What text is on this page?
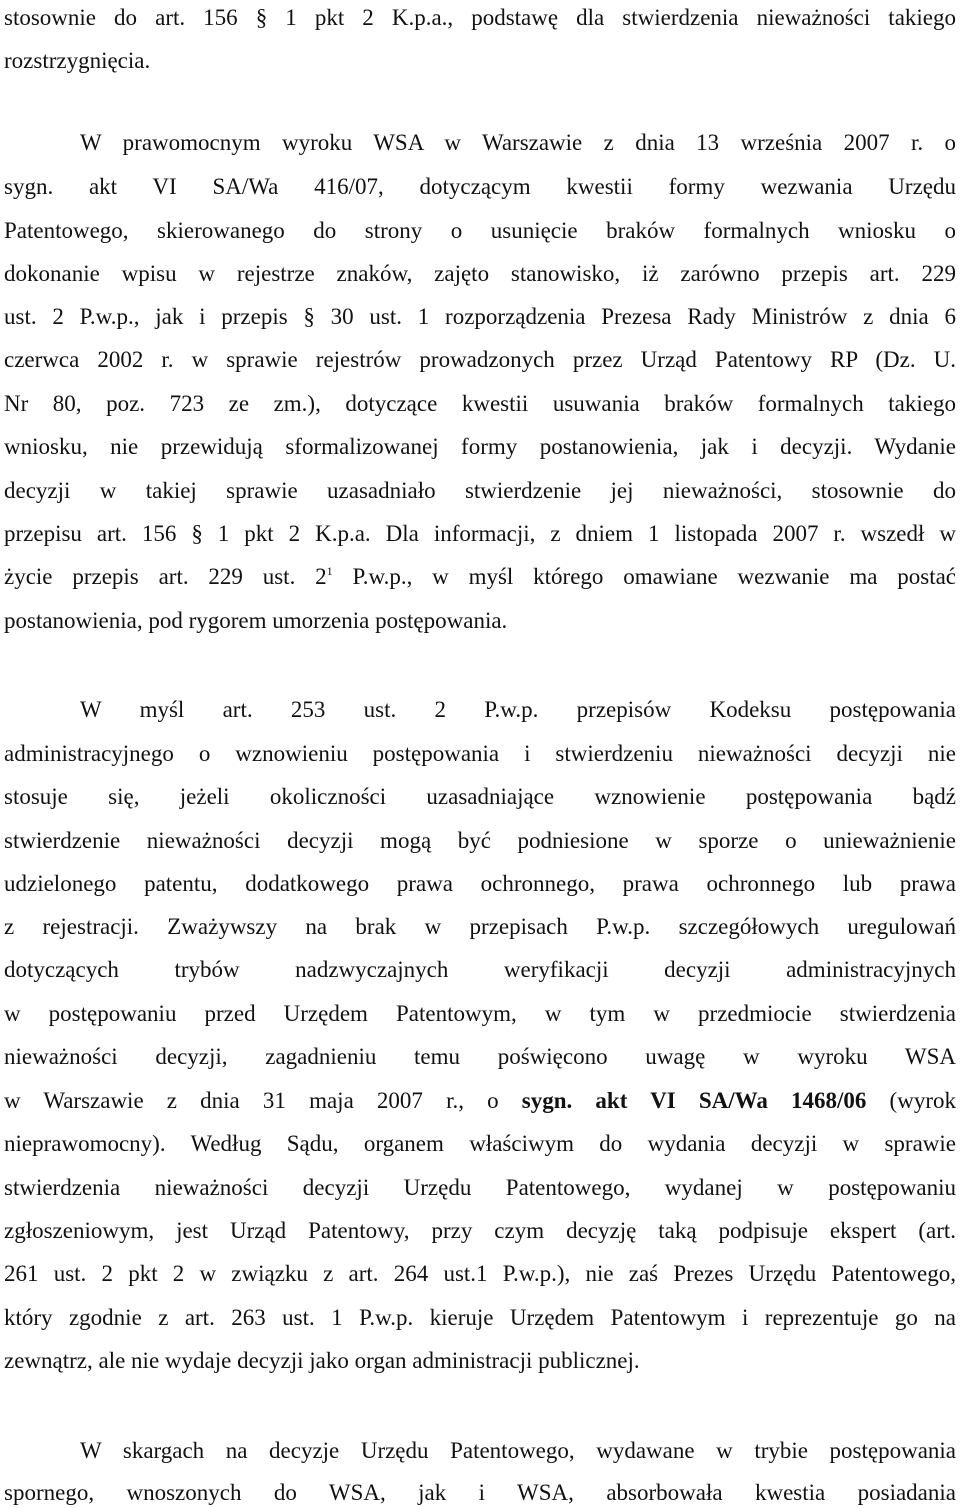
stosownie do art. 156 § 1 pkt 2 K.p.a., podstawę dla stwierdzenia nieważności takiego
rozstrzygnięcia.
W prawomocnym wyroku WSA w Warszawie z dnia 13 września 2007 r. o
sygn. akt VI SA/Wa 416/07, dotyczącym kwestii formy wezwania Urzędu
Patentowego, skierowanego do strony o usunięcie braków formalnych wniosku o
dokonanie wpisu w rejestrze znaków, zajęto stanowisko, iż zarówno przepis art. 229
ust. 2 P.w.p., jak i przepis § 30 ust. 1 rozporządzenia Prezesa Rady Ministrów z dnia 6
czerwca 2002 r. w sprawie rejestrów prowadzonych przez Urząd Patentowy RP (Dz. U.
Nr 80, poz. 723 ze zm.), dotyczące kwestii usuwania braków formalnych takiego
wniosku, nie przewidują sformalizowanej formy postanowienia, jak i decyzji. Wydanie
decyzji w takiej sprawie uzasadniało stwierdzenie jej nieważności, stosownie do
przepisu art. 156 § 1 pkt 2 K.p.a. Dla informacji, z dniem 1 listopada 2007 r. wszedł w
życie przepis art. 229 ust. $2^1$ P.w.p., w myśl którego omawiane wezwanie ma postać
postanowienia, pod rygorem umorzenia postępowania.
W myśl art. 253 ust. 2 P.w.p. przepisów Kodeksu postępowania
administracyjnego o wznowieniu postępowania i stwierdzeniu nieważności decyzji nie
stosuje się, jeżeli okoliczności uzasadniające wznowienie postępowania bądź
stwierdzenie nieważności decyzji mogą być podniesione w sporze o unieważnienie
udzielonego patentu, dodatkowego prawa ochronnego, prawa ochronnego lub prawa
z rejestracji. Zważywszy na brak w przepisach P.w.p. szczegółowych uregulowań
dotyczących trybów nadzwyczajnych weryfikacji decyzji administracyjnych
w postępowaniu przed Urzędem Patentowym, w tym w przedmiocie stwierdzenia
nieważności decyzji, zagadnieniu temu poświęcono uwagę w wyroku WSA
w Warszawie z dnia 31 maja 2007 r., o sygn. akt VI SA/Wa 1468/06 (wyrok
nieprawomocny). Według Sądu, organem właściwym do wydania decyzji w sprawie
stwierdzenia nieważności decyzji Urzędu Patentowego, wydanej w postępowaniu
zgłoszeniowym, jest Urząd Patentowy, przy czym decyzję taką podpisuje ekspert (art.
261 ust. 2 pkt 2 w związku z art. 264 ust.1 P.w.p.), nie zaś Prezes Urzędu Patentowego,
który zgodnie z art. 263 ust. 1 P.w.p. kieruje Urzędem Patentowym i reprezentuje go na
zewnątrz, ale nie wydaje decyzji jako organ administracji publicznej.
W skargach na decyzje Urzędu Patentowego, wydawane w trybie postępowania
spornego, wnoszonych do WSA, jak i WSA, absorbowała kwestia posiadania
